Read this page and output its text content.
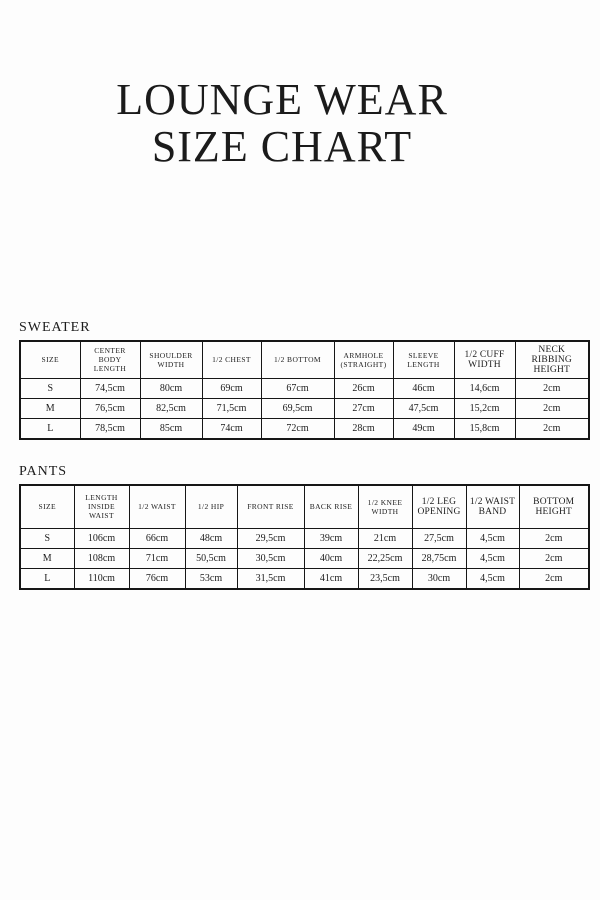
LOUNGE WEAR
SIZE CHART
SWEATER
SIZE	CENTER BODY LENGTH	SHOULDER WIDTH	1/2 CHEST	1/2 BOTTOM	ARMHOLE (STRAIGHT)	SLEEVE LENGTH	1/2 CUFF WIDTH	NECK RIBBING HEIGHT
S	74,5cm	80cm	69cm	67cm	26cm	46cm	14,6cm	2cm
M	76,5cm	82,5cm	71,5cm	69,5cm	27cm	47,5cm	15,2cm	2cm
L	78,5cm	85cm	74cm	72cm	28cm	49cm	15,8cm	2cm
PANTS
SIZE	LENGTH INSIDE WAIST	1/2 WAIST	1/2 HIP	FRONT RISE	BACK RISE	1/2 KNEE WIDTH	1/2 LEG OPENING	1/2 WAIST BAND	BOTTOM HEIGHT
S	106cm	66cm	48cm	29,5cm	39cm	21cm	27,5cm	4,5cm	2cm
M	108cm	71cm	50,5cm	30,5cm	40cm	22,25cm	28,75cm	4,5cm	2cm
L	110cm	76cm	53cm	31,5cm	41cm	23,5cm	30cm	4,5cm	2cm
